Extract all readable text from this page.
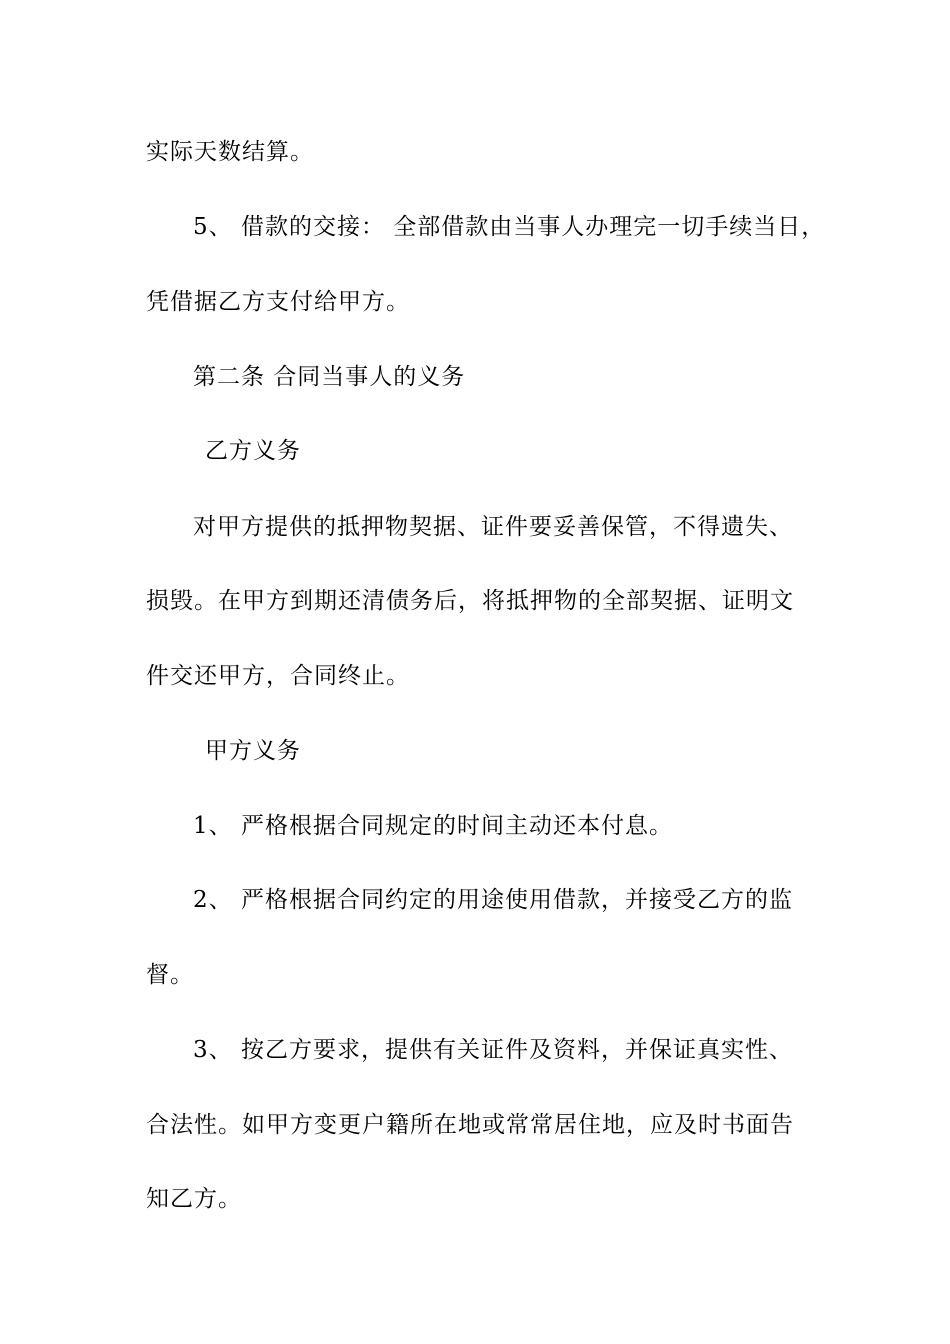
实际天数结算。
5、 借款的交接： 全部借款由当事人办理完一切手续当日，
凭借据乙方支付给甲方。
第二条 合同当事人的义务
乙方义务
对甲方提供的抵押物契据、证件要妥善保管，不得遗失、
损毁。在甲方到期还清债务后，将抵押物的全部契据、证明文
件交还甲方，合同终止。
甲方义务
1、 严格根据合同规定的时间主动还本付息。
2、 严格根据合同约定的用途使用借款，并接受乙方的监
督。
3、 按乙方要求，提供有关证件及资料，并保证真实性、
合法性。如甲方变更户籍所在地或常常居住地，应及时书面告
知乙方。
